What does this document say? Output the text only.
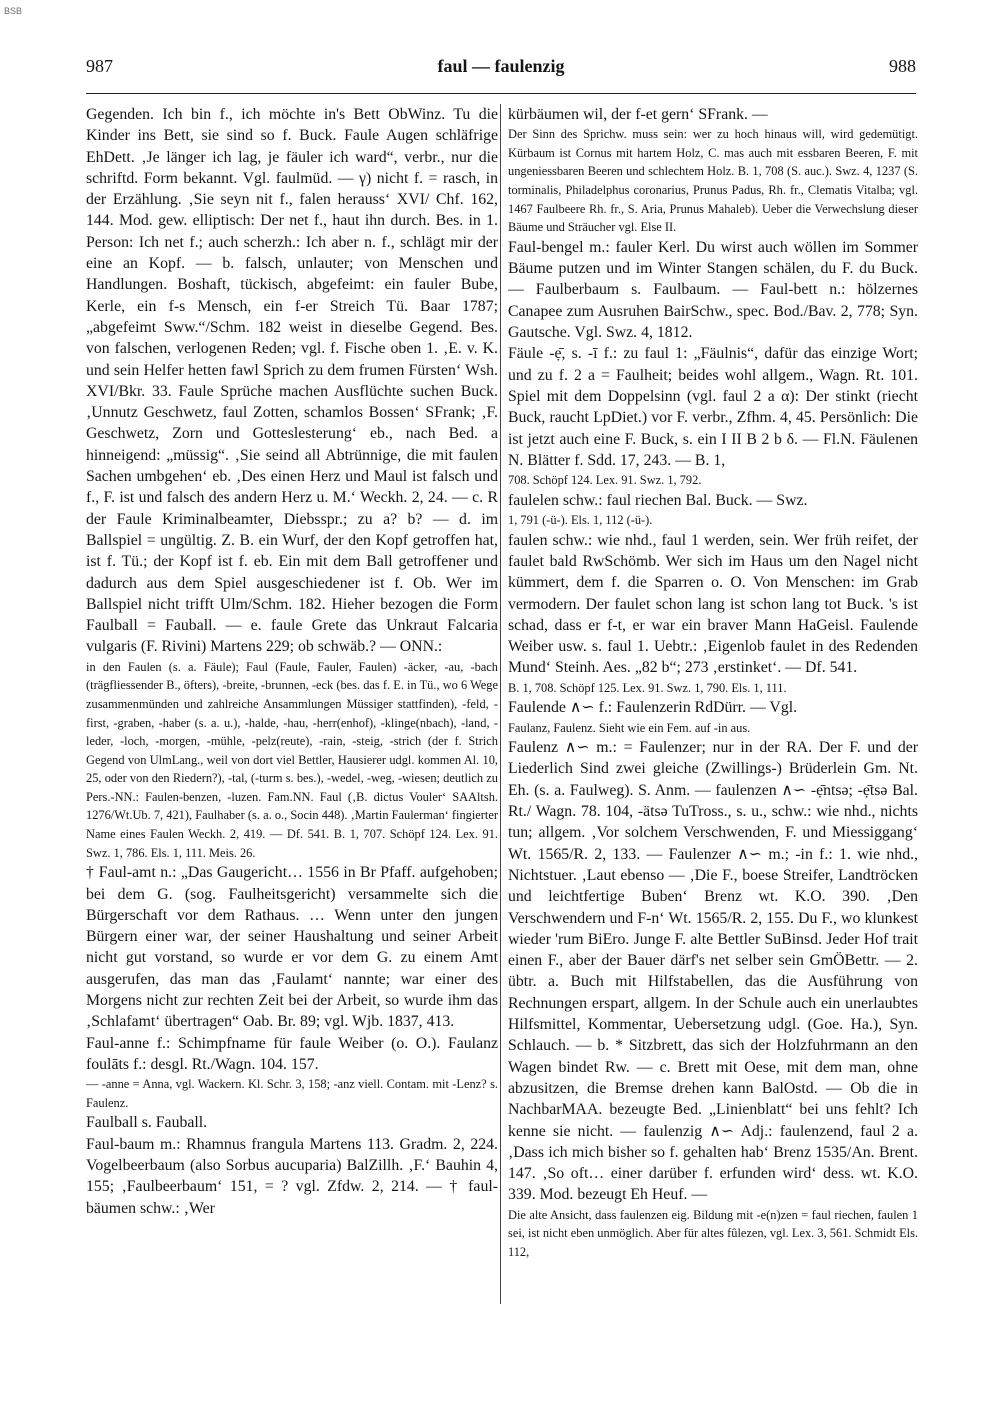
BSB
987	faul — faulenzig	988

Gegenden. Ich bin f., ich möchte in's Bett ObWinz. Tu die Kinder ins Bett, sie sind so f. Buck. Faule Augen schläfrige EhDett. ‚Je länger ich lag, je fäuler ich ward“, verbr., nur die schriftd. Form bekannt. Vgl. faulmüd. — γ) nicht f. = rasch, in der Erzählung. ‚Sie seyn nit f., falen herauss‘ XVI/ Chf. 162, 144. Mod. gew. elliptisch: Der net f., haut ihn durch. Bes. in 1. Person: Ich net f.; auch scherzh.: Ich aber n. f., schlägt mir der eine an Kopf. — b. falsch, unlauter; von Menschen und Handlungen. Boshaft, tückisch, abgefeimt: ein fauler Bube, Kerle, ein f-s Mensch, ein f-er Streich Tü. Baar 1787; „abgefeimt Sww.“/Schm. 182 weist in dieselbe Gegend. Bes. von falschen, verlogenen Reden; vgl. f. Fische oben 1. ‚E. v. K. und sein Helfer hetten fawl Sprich zu dem frumen Fürsten‘ Wsh. XVI/Bkr. 33. Faule Sprüche machen Ausflüchte suchen Buck. ‚Unnutz Geschwetz, faul Zotten, schamlos Bossen‘ SFrank; ‚F. Geschwetz, Zorn und Gotteslesterung‘ eb., nach Bed. a hinneigend: „müssig“. ‚Sie seind all Abtrünnige, die mit faulen Sachen umbgehen‘ eb. ‚Des einen Herz und Maul ist falsch und f., F. ist und falsch des andern Herz u. M.‘ Weckh. 2, 24. — c. R der Faule Kriminalbeamter, Diebsspr.; zu a? b? — d. im Ballspiel = ungültig. Z. B. ein Wurf, der den Kopf getroffen hat, ist f. Tü.; der Kopf ist f. eb. Ein mit dem Ball getroffener und dadurch aus dem Spiel ausgeschiedener ist f. Ob. Wer im Ballspiel nicht trifft Ulm/Schm. 182. Hieher bezogen die Form Faulball = Fauball. — e. faule Grete das Unkraut Falcaria vulgaris (F. Rivini) Martens 229; ob schwäb.? — ONN.:

in den Faulen (s. a. Fäule); Faul (Faule, Fauler, Faulen) -äcker, -au, -bach (trägfliessender B., öfters), -breite, -brunnen, -eck (bes. das f. E. in Tü., wo 6 Wege zusammenmünden und zahlreiche Ansammlungen Müssiger stattfinden), -feld, -first, -graben, -haber (s. a. u.), -halde, -hau, -herr(enhof), -klinge(nbach), -land, -leder, -loch, -morgen, -mühle, -pelz(reute), -rain, -steig, -strich (der f. Strich Gegend von UlmLang., weil von dort viel Bettler, Hausierer udgl. kommen Al. 10, 25, oder von den Riedern?), -tal, (-turm s. bes.), -wedel, -weg, -wiesen; deutlich zu Pers.-NN.: Faulen-benzen, -luzen. Fam.NN. Faul (‚B. dictus Vouler‘ SAAltsh. 1276/Wt.Ub. 7, 421), Faulhaber (s. a. o., Socin 448). ‚Martin Faulerman‘ fingierter Name eines Faulen Weckh. 2, 419. — Df. 541. B. 1, 707. Schöpf 124. Lex. 91. Swz. 1, 786. Els. 1, 111. Meis. 26.

† Faul-amt n.: „Das Gaugericht… 1556 in Br Pfaff. aufgehoben; bei dem G. (sog. Faulheitsgericht) versammelte sich die Bürgerschaft vor dem Rathaus. … Wenn unter den jungen Bürgern einer war, der seiner Haushaltung und seiner Arbeit nicht gut vorstand, so wurde er vor dem G. zu einem Amt ausgerufen, das man das ‚Faulamt‘ nannte; war einer des Morgens nicht zur rechten Zeit bei der Arbeit, so wurde ihm das ‚Schlafamt‘ übertragen“ Oab. Br. 89; vgl. Wjb. 1837, 413.

Faul-anne f.: Schimpfname für faule Weiber (o. O.). Faulanz foulāts f.: desgl. Rt./Wagn. 104. 157.

— -anne = Anna, vgl. Wackern. Kl. Schr. 3, 158; -anz viell. Contam. mit -Lenz? s. Faulenz.

Faulball s. Fauball.

Faul-baum m.: Rhamnus frangula Martens 113. Gradm. 2, 224. Vogelbeerbaum (also Sorbus aucuparia) BalZillh. ‚F.‘ Bauhin 4, 155; ‚Faulbeerbaum‘ 151, = ? vgl. Zfdw. 2, 214. — † faul-bäumen schw.: ‚Wer

kürbäumen wil, der f-et gern‘ SFrank. —

Der Sinn des Sprichw. muss sein: wer zu hoch hinaus will, wird gedemütigt. Kürbaum ist Cornus mit hartem Holz, C. mas auch mit essbaren Beeren, F. mit ungeniessbaren Beeren und schlechtem Holz. B. 1, 708 (S. auc.). Swz. 4, 1237 (S. torminalis, Philadelphus coronarius, Prunus Padus, Rh. fr., Clematis Vitalba; vgl. 1467 Faulbeere Rh. fr., S. Aria, Prunus Mahaleb). Ueber die Verwechslung dieser Bäume und Sträucher vgl. Else II.

Faul-bengel m.: fauler Kerl. Du wirst auch wöllen im Sommer Bäume putzen und im Winter Stangen schälen, du F. du Buck. — Faulberbaum s. Faulbaum. — Faul-bett n.: hölzernes Canapee zum Ausruhen BairSchw., spec. Bod./Bav. 2, 778; Syn. Gautsche. Vgl. Swz. 4, 1812.

Fäule -ẹ̄, s. -ī f.: zu faul 1: „Fäulnis“, dafür das einzige Wort; und zu f. 2 a = Faulheit; beides wohl allgem., Wagn. Rt. 101. Spiel mit dem Doppelsinn (vgl. faul 2 a α): Der stinkt (riecht Buck, raucht LpDiet.) vor F. verbr., Zfhm. 4, 45. Persönlich: Die ist jetzt auch eine F. Buck, s. ein I II B 2 b δ. — Fl.N. Fäulenen N. Blätter f. Sdd. 17, 243. — B. 1,

708. Schöpf 124. Lex. 91. Swz. 1, 792.

faulelen schw.: faul riechen Bal. Buck. — Swz.

1, 791 (-ü-). Els. 1, 112 (-ü-).

faulen schw.: wie nhd., faul 1 werden, sein. Wer früh reifet, der faulet bald RwSchömb. Wer sich im Haus um den Nagel nicht kümmert, dem f. die Sparren o. O. Von Menschen: im Grab vermodern. Der faulet schon lang ist schon lang tot Buck. 's ist schad, dass er f-t, er war ein braver Mann HaGeisl. Faulende Weiber usw. s. faul 1. Uebtr.: ‚Eigenlob faulet in des Redenden Mund‘ Steinh. Aes. „82 b“; 273 ‚erstinket‘. — Df. 541.

B. 1, 708. Schöpf 125. Lex. 91. Swz. 1, 790. Els. 1, 111.

Faulende ∧∽ f.: Faulenzerin RdDürr. — Vgl.

Faulanz, Faulenz. Sieht wie ein Fem. auf -in aus.

Faulenz ∧∽ m.: = Faulenzer; nur in der RA. Der F. und der Liederlich Sind zwei gleiche (Zwillings-) Brüderlein Gm. Nt. Eh. (s. a. Faulweg). S. Anm. — faulenzen ∧∽ -ẹ̄ntsə; -ẹ̄tsə Bal. Rt./ Wagn. 78. 104, -ätsə TuTross., s. u., schw.: wie nhd., nichts tun; allgem. ‚Vor solchem Verschwenden, F. und Miessiggang‘ Wt. 1565/R. 2, 133. — Faulenzer ∧∽ m.; -in f.: 1. wie nhd., Nichtstuer. ‚Laut ebenso — ‚Die F., boese Streifer, Landtröcken und leichtfertige Buben‘ Brenz wt. K.O. 390. ‚Den Verschwendern und F-n‘ Wt. 1565/R. 2, 155. Du F., wo klunkest wieder 'rum BiEro. Junge F. alte Bettler SuBinsd. Jeder Hof trait einen F., aber der Bauer därf's net selber sein GmÖBettr. — 2. übtr. a. Buch mit Hilfstabellen, das die Ausführung von Rechnungen erspart, allgem. In der Schule auch ein unerlaubtes Hilfsmittel, Kommentar, Uebersetzung udgl. (Goe. Ha.), Syn. Schlauch. — b. * Sitzbrett, das sich der Holzfuhrmann an den Wagen bindet Rw. — c. Brett mit Oese, mit dem man, ohne abzusitzen, die Bremse drehen kann BalOstd. — Ob die in NachbarMAA. bezeugte Bed. „Linienblatt“ bei uns fehlt? Ich kenne sie nicht. — faulenzig ∧∽ Adj.: faulenzend, faul 2 a. ‚Dass ich mich bisher so f. gehalten hab‘ Brenz 1535/An. Brent. 147. ‚So oft… einer darüber f. erfunden wird‘ dess. wt. K.O. 339. Mod. bezeugt Eh Heuf. —

Die alte Ansicht, dass faulenzen eig. Bildung mit -e(n)zen = faul riechen, faulen 1 sei, ist nicht eben unmöglich. Aber für altes fûlezen, vgl. Lex. 3, 561. Schmidt Els. 112,
